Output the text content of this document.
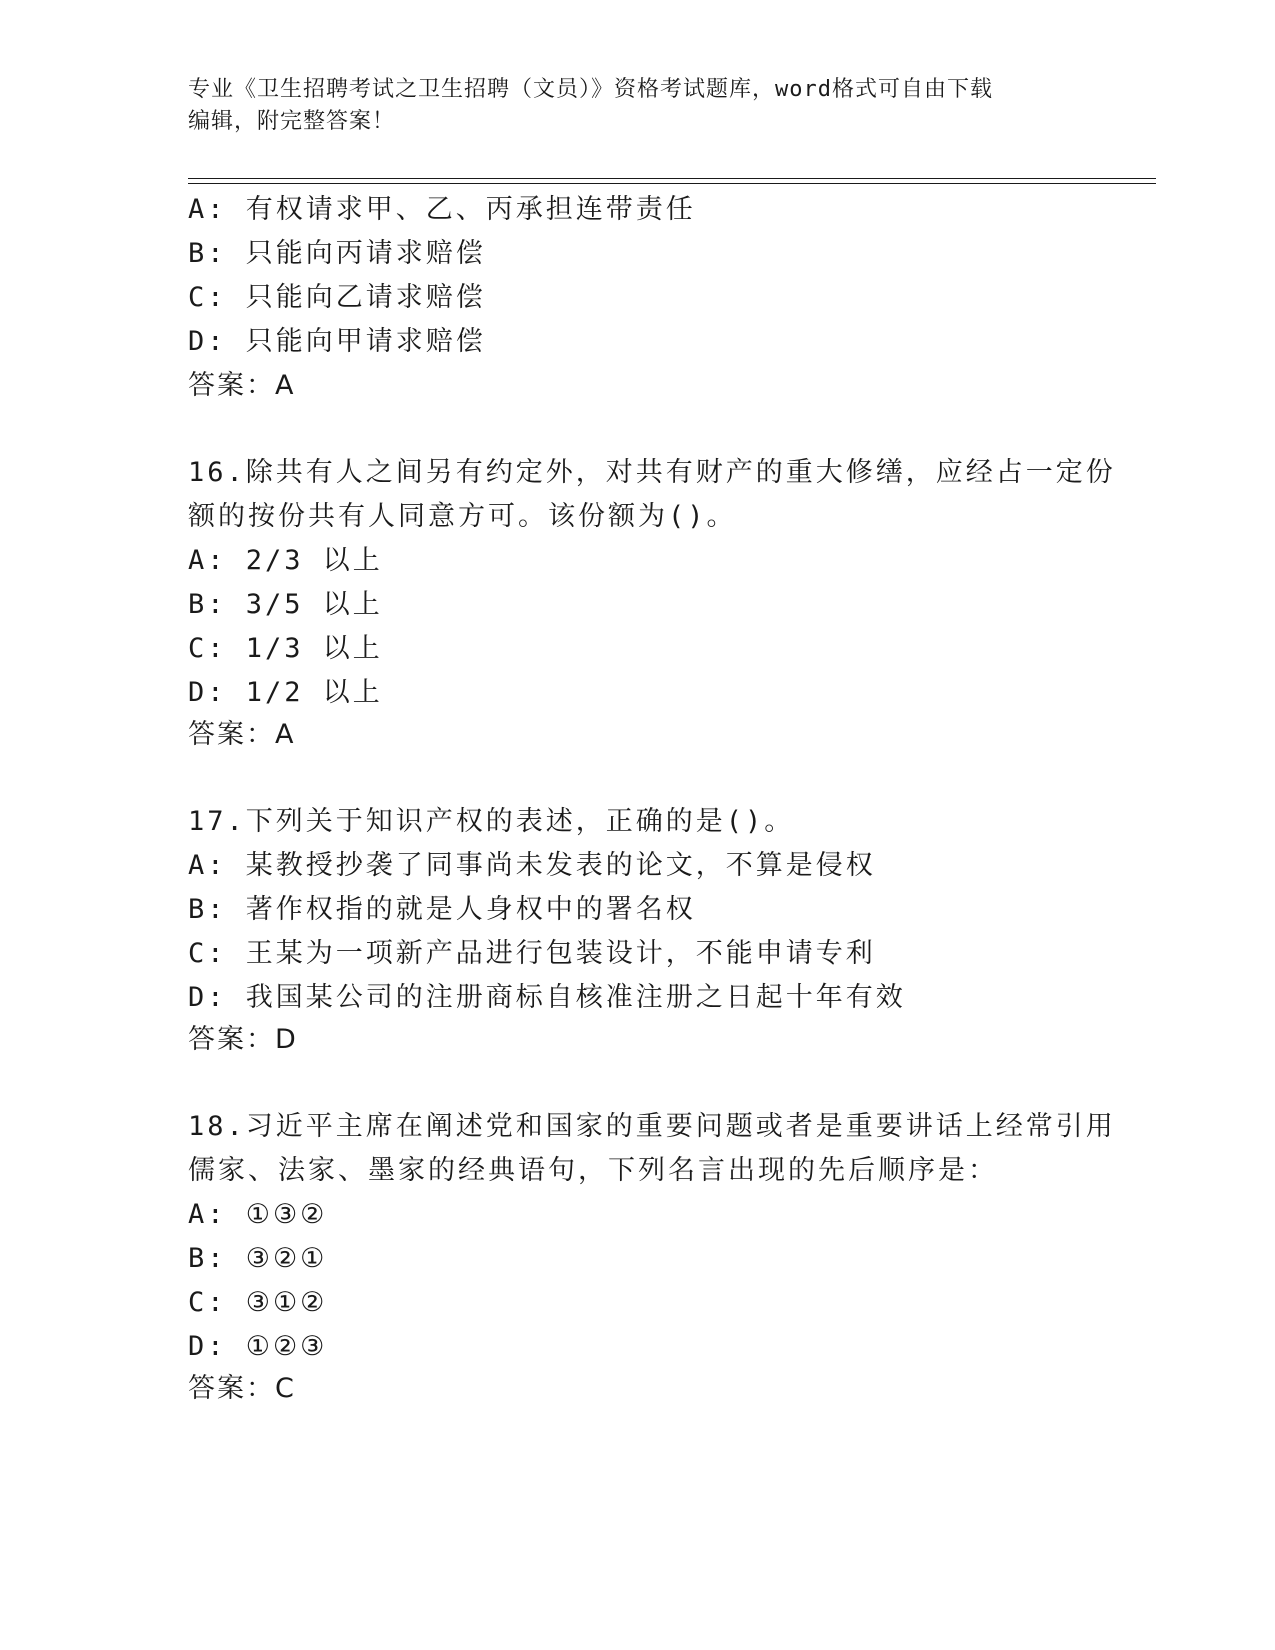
专业《卫生招聘考试之卫生招聘（文员）》资格考试题库，word格式可自由下载
编辑，附完整答案！
A: 有权请求甲、乙、丙承担连带责任
B: 只能向丙请求赔偿
C: 只能向乙请求赔偿
D: 只能向甲请求赔偿
答案：A
16.除共有人之间另有约定外，对共有财产的重大修缮，应经占一定份
额的按份共有人同意方可。该份额为()。
A: 2/3 以上
B: 3/5 以上
C: 1/3 以上
D: 1/2 以上
答案：A
17.下列关于知识产权的表述，正确的是()。
A: 某教授抄袭了同事尚未发表的论文，不算是侵权
B: 著作权指的就是人身权中的署名权
C: 王某为一项新产品进行包装设计，不能申请专利
D: 我国某公司的注册商标自核准注册之日起十年有效
答案：D
18.习近平主席在阐述党和国家的重要问题或者是重要讲话上经常引用
儒家、法家、墨家的经典语句，下列名言出现的先后顺序是：
A: ①③②
B: ③②①
C: ③①②
D: ①②③
答案：C
